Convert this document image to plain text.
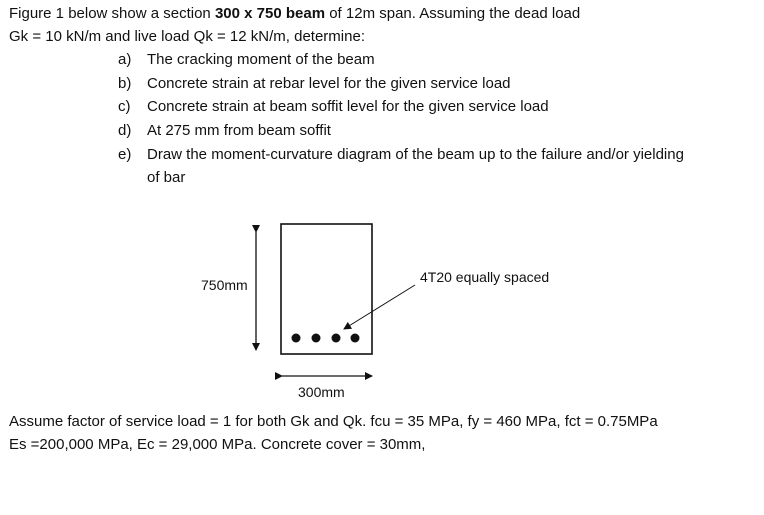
Figure 1 below show a section 300 x 750 beam of 12m span. Assuming the dead load
Gk = 10 kN/m and live load Qk = 12 kN/m, determine:
a) The cracking moment of the beam
b) Concrete strain at rebar level for the given service load
c) Concrete strain at beam soffit level for the given service load
d) At 275 mm from beam soffit
e) Draw the moment-curvature diagram of the beam up to the failure and/or yielding
of bar
750mm	4T20 equally spaced
300mm
Assume factor of service load = 1 for both Gk and Qk. fcu = 35 MPa, fy = 460 MPa, fct = 0.75MPa
Es =200,000 MPa, Ec = 29,000 MPa. Concrete cover = 30mm,
